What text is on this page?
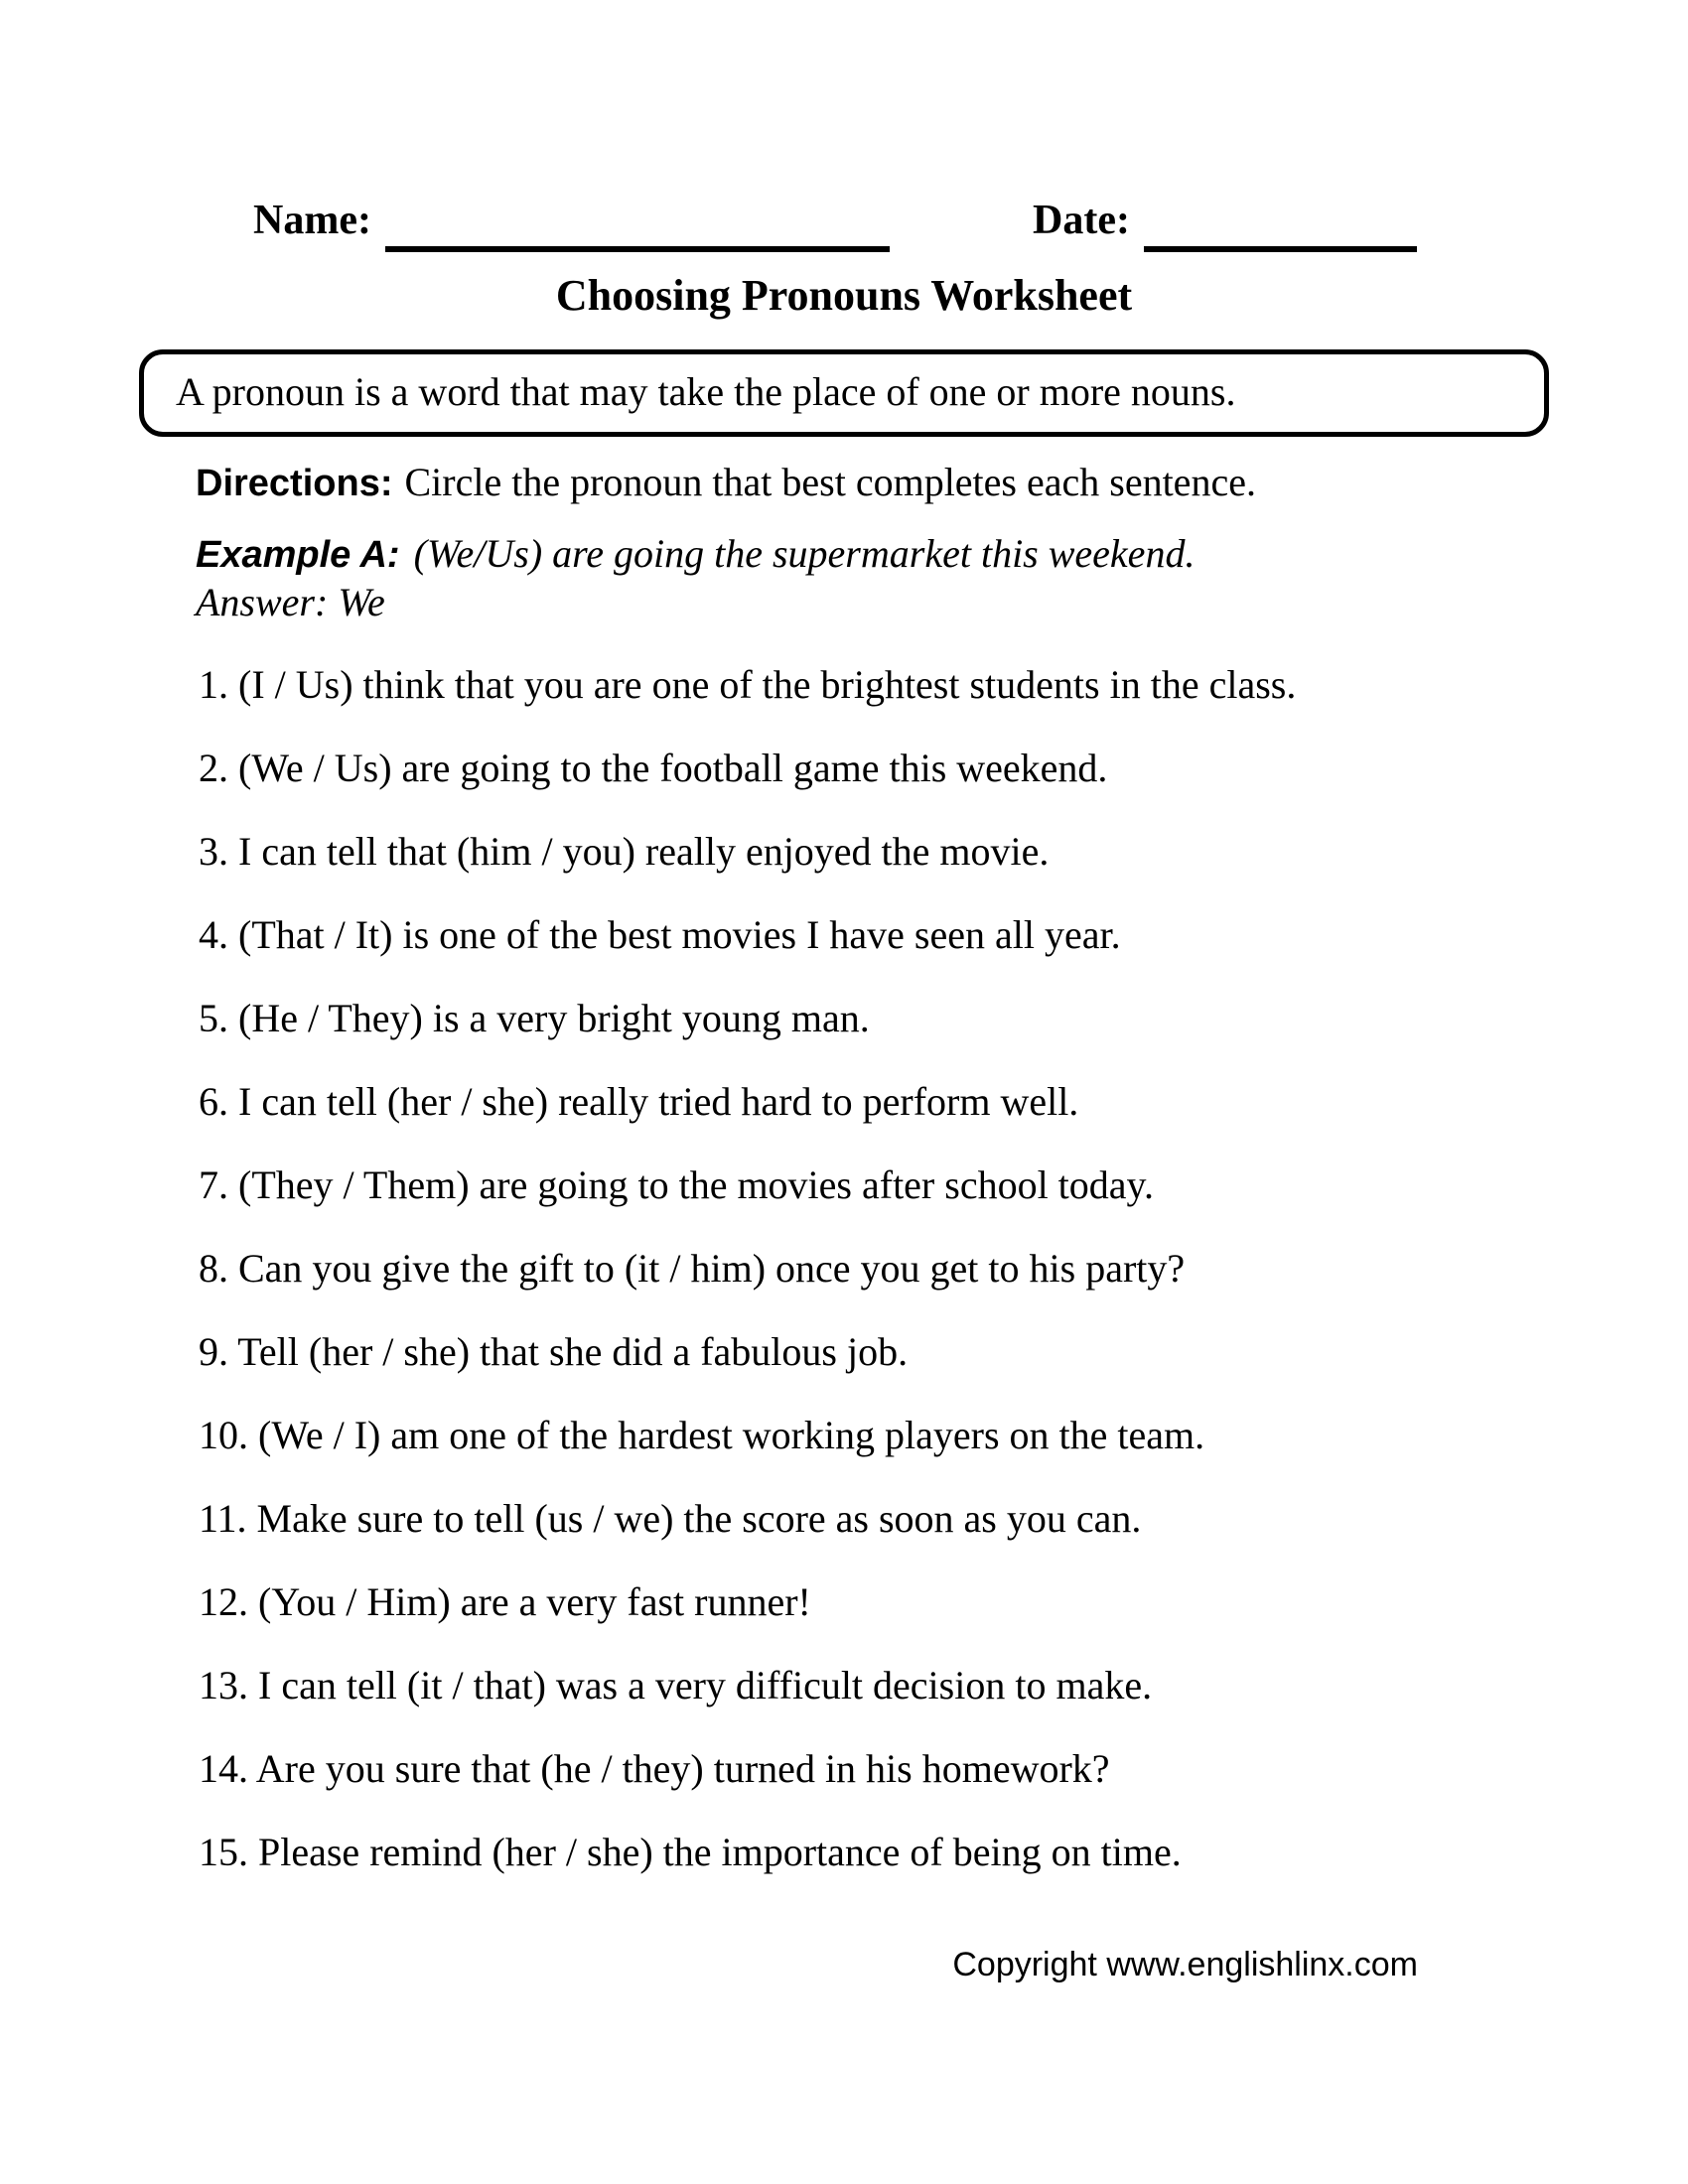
Name:	Date:
Choosing Pronouns Worksheet
A pronoun is a word that may take the place of one or more nouns.
Directions: Circle the pronoun that best completes each sentence.
Example A: (We/Us) are going the supermarket this weekend.
Answer: We
1. (I / Us) think that you are one of the brightest students in the class.
2. (We / Us) are going to the football game this weekend.
3. I can tell that (him / you) really enjoyed the movie.
4. (That / It) is one of the best movies I have seen all year.
5. (He / They) is a very bright young man.
6. I can tell (her / she) really tried hard to perform well.
7. (They / Them) are going to the movies after school today.
8. Can you give the gift to (it / him) once you get to his party?
9. Tell (her / she) that she did a fabulous job.
10. (We / I) am one of the hardest working players on the team.
11. Make sure to tell (us / we) the score as soon as you can.
12. (You / Him) are a very fast runner!
13. I can tell (it / that) was a very difficult decision to make.
14. Are you sure that (he / they) turned in his homework?
15. Please remind (her / she) the importance of being on time.
Copyright www.englishlinx.com
